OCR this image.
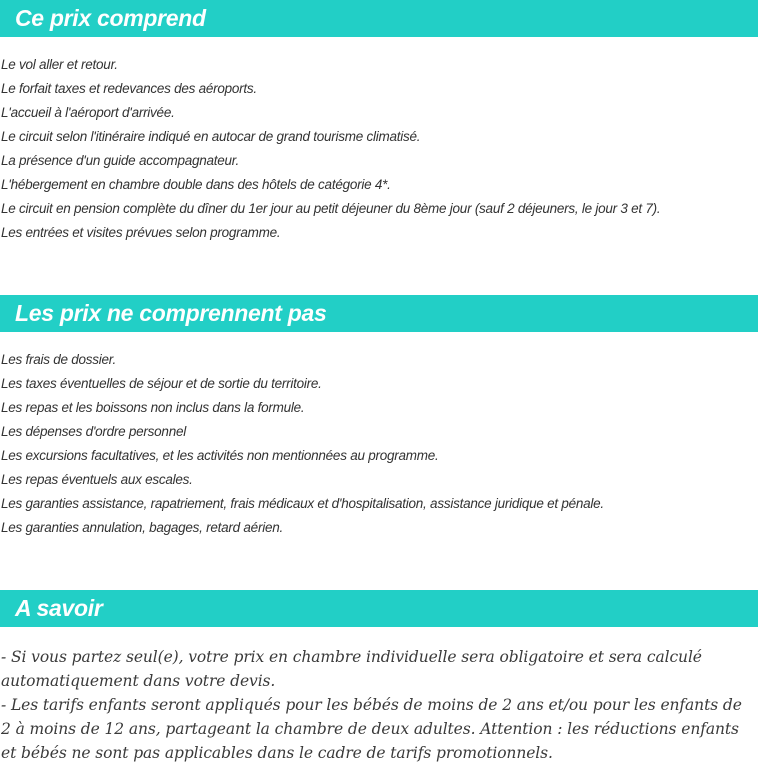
Ce prix comprend
Le vol aller et retour.
Le forfait taxes et redevances des aéroports.
L'accueil à l'aéroport d'arrivée.
Le circuit selon l'itinéraire indiqué en autocar de grand tourisme climatisé.
La présence d'un guide accompagnateur.
L'hébergement en chambre double dans des hôtels de catégorie 4*.
Le circuit en pension complète du dîner du 1er jour au petit déjeuner du 8ème jour (sauf 2 déjeuners, le jour 3 et 7).
Les entrées et visites prévues selon programme.
Les prix ne comprennent pas
Les frais de dossier.
Les taxes éventuelles de séjour et de sortie du territoire.
Les repas et les boissons non inclus dans la formule.
Les dépenses d'ordre personnel
Les excursions facultatives, et les activités non mentionnées au programme.
Les repas éventuels aux escales.
Les garanties assistance, rapatriement, frais médicaux et d'hospitalisation, assistance juridique et pénale.
Les garanties annulation, bagages, retard aérien.
A savoir

- Si vous partez seul(e), votre prix en chambre individuelle sera obligatoire et sera calculé automatiquement dans votre devis.

- Les tarifs enfants seront appliqués pour les bébés de moins de 2 ans et/ou pour les enfants de 2 à moins de 12 ans, partageant la chambre de deux adultes. Attention : les réductions enfants et bébés ne sont pas applicables dans le cadre de tarifs promotionnels.
